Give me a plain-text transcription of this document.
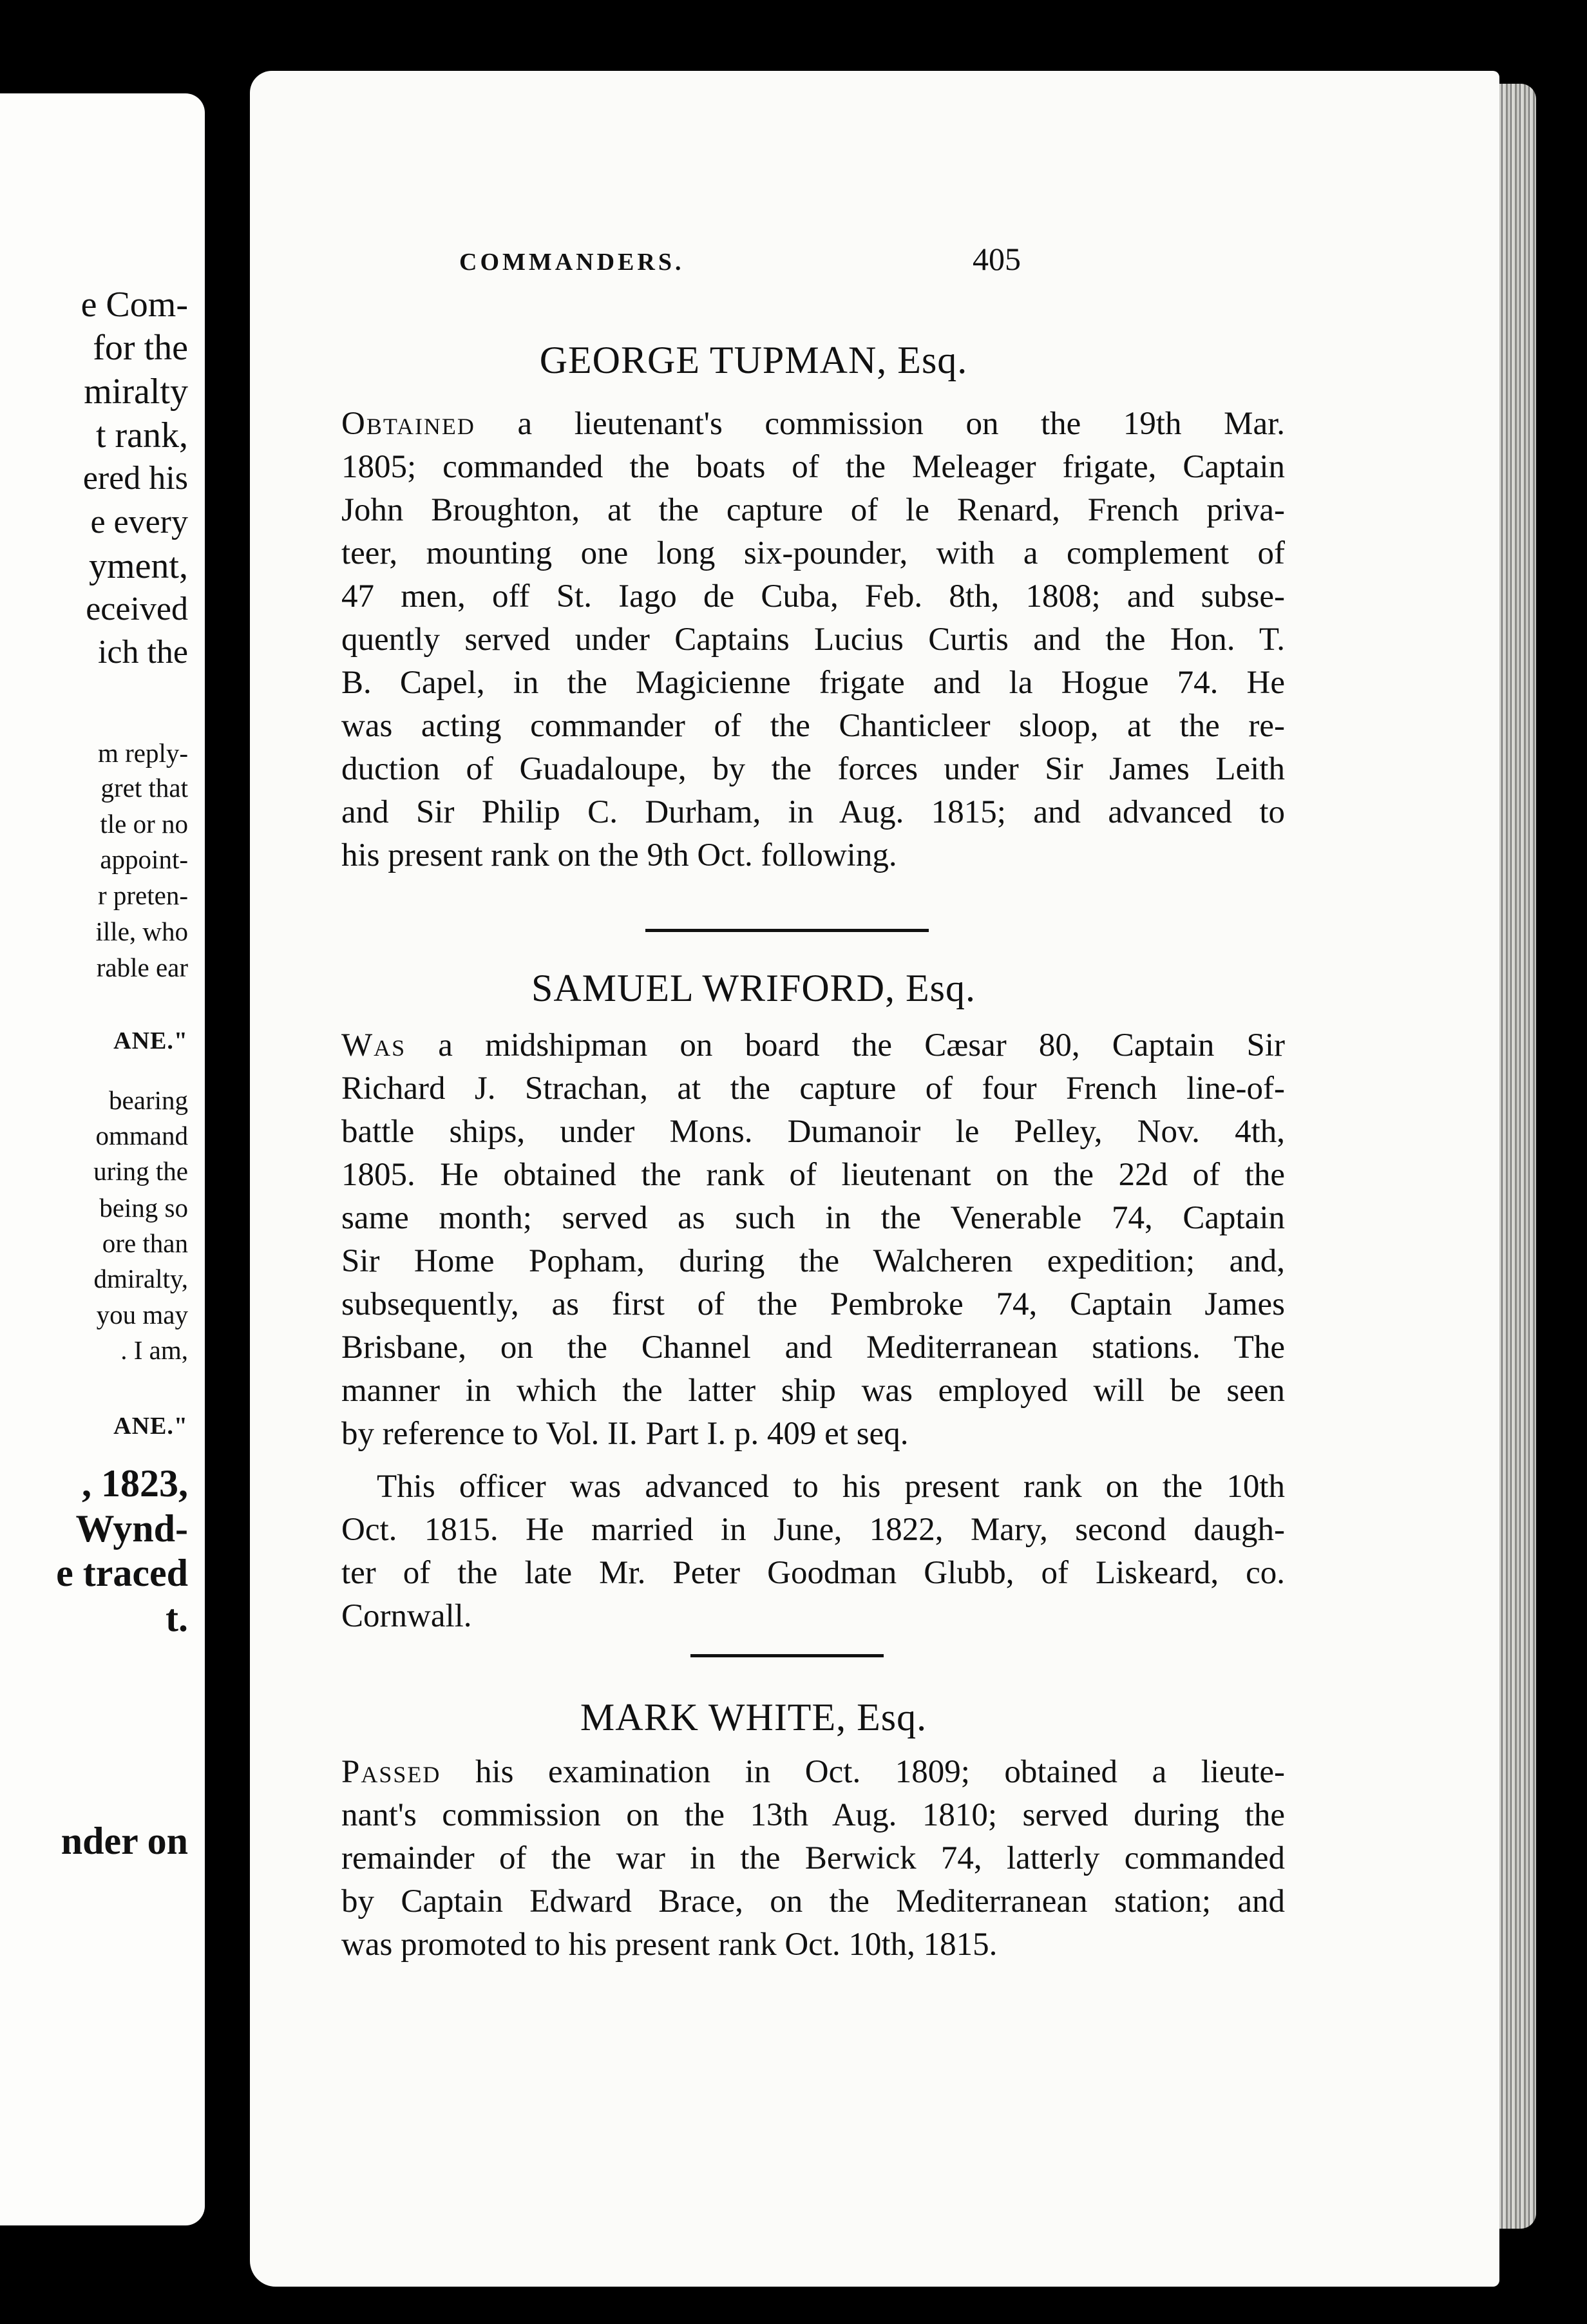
e Com-
for the
miralty
t rank,
ered his
e every
yment,
eceived
ich the
m reply-
gret that
tle or no
appoint-
r preten-
ille, who
rable ear
ANE."
bearing
ommand
uring the
being so
ore than
dmiralty,
you may
. I am,
ANE."
, 1823,
Wynd-
e traced
t.
nder on
COMMANDERS.	405
GEORGE TUPMAN, Esq.
Obtained a lieutenant's commission on the 19th Mar.
1805; commanded the boats of the Meleager frigate, Captain
John Broughton, at the capture of le Renard, French priva-
teer, mounting one long six-pounder, with a complement of
47 men, off St. Iago de Cuba, Feb. 8th, 1808; and subse-
quently served under Captains Lucius Curtis and the Hon. T.
B. Capel, in the Magicienne frigate and la Hogue 74. He
was acting commander of the Chanticleer sloop, at the re-
duction of Guadaloupe, by the forces under Sir James Leith
and Sir Philip C. Durham, in Aug. 1815; and advanced to
his present rank on the 9th Oct. following.
SAMUEL WRIFORD, Esq.
Was a midshipman on board the Cæsar 80, Captain Sir
Richard J. Strachan, at the capture of four French line-of-
battle ships, under Mons. Dumanoir le Pelley, Nov. 4th,
1805. He obtained the rank of lieutenant on the 22d of the
same month; served as such in the Venerable 74, Captain
Sir Home Popham, during the Walcheren expedition; and,
subsequently, as first of the Pembroke 74, Captain James
Brisbane, on the Channel and Mediterranean stations. The
manner in which the latter ship was employed will be seen
by reference to Vol. II. Part I. p. 409 et seq.
This officer was advanced to his present rank on the 10th
Oct. 1815. He married in June, 1822, Mary, second daugh-
ter of the late Mr. Peter Goodman Glubb, of Liskeard, co.
Cornwall.
MARK WHITE, Esq.
Passed his examination in Oct. 1809; obtained a lieute-
nant's commission on the 13th Aug. 1810; served during the
remainder of the war in the Berwick 74, latterly commanded
by Captain Edward Brace, on the Mediterranean station; and
was promoted to his present rank Oct. 10th, 1815.
